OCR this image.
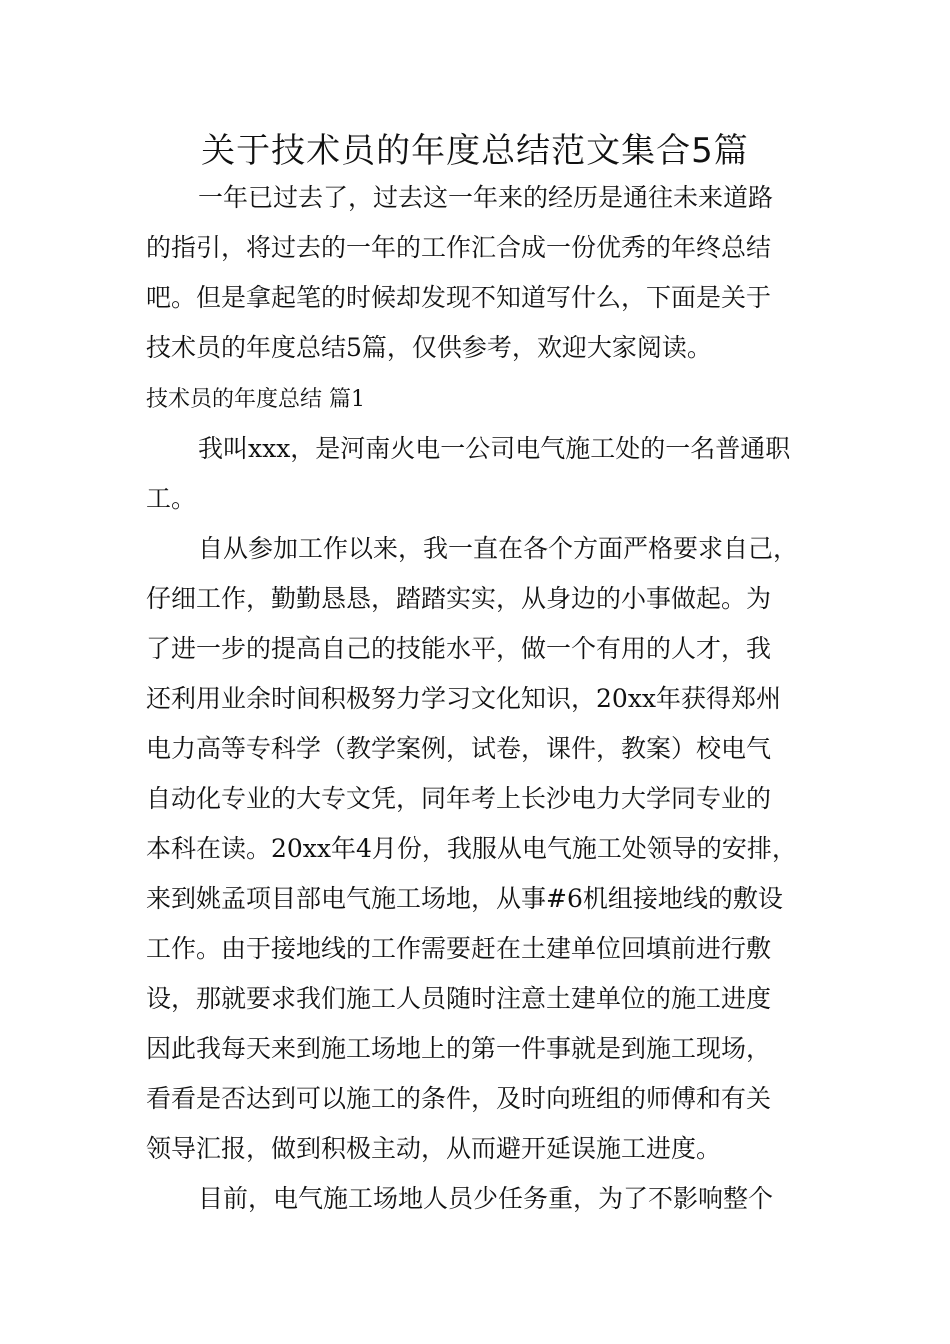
关于技术员的年度总结范文集合5篇

一年已过去了，过去这一年来的经历是通往未来道路

的指引，将过去的一年的工作汇合成一份优秀的年终总结

吧。但是拿起笔的时候却发现不知道写什么，下面是关于

技术员的年度总结5篇，仅供参考，欢迎大家阅读。

技术员的年度总结 篇1

我叫xxx，是河南火电一公司电气施工处的一名普通职

工。

自从参加工作以来，我一直在各个方面严格要求自己，

仔细工作，勤勤恳恳，踏踏实实，从身边的小事做起。为

了进一步的提高自己的技能水平，做一个有用的人才，我

还利用业余时间积极努力学习文化知识，20xx年获得郑州

电力高等专科学（教学案例，试卷，课件，教案）校电气

自动化专业的大专文凭，同年考上长沙电力大学同专业的

本科在读。20xx年4月份，我服从电气施工处领导的安排，

来到姚孟项目部电气施工场地，从事#6机组接地线的敷设

工作。由于接地线的工作需要赶在土建单位回填前进行敷

设，那就要求我们施工人员随时注意土建单位的施工进度

因此我每天来到施工场地上的第一件事就是到施工现场，

看看是否达到可以施工的条件，及时向班组的师傅和有关

领导汇报，做到积极主动，从而避开延误施工进度。

目前，电气施工场地人员少任务重，为了不影响整个
